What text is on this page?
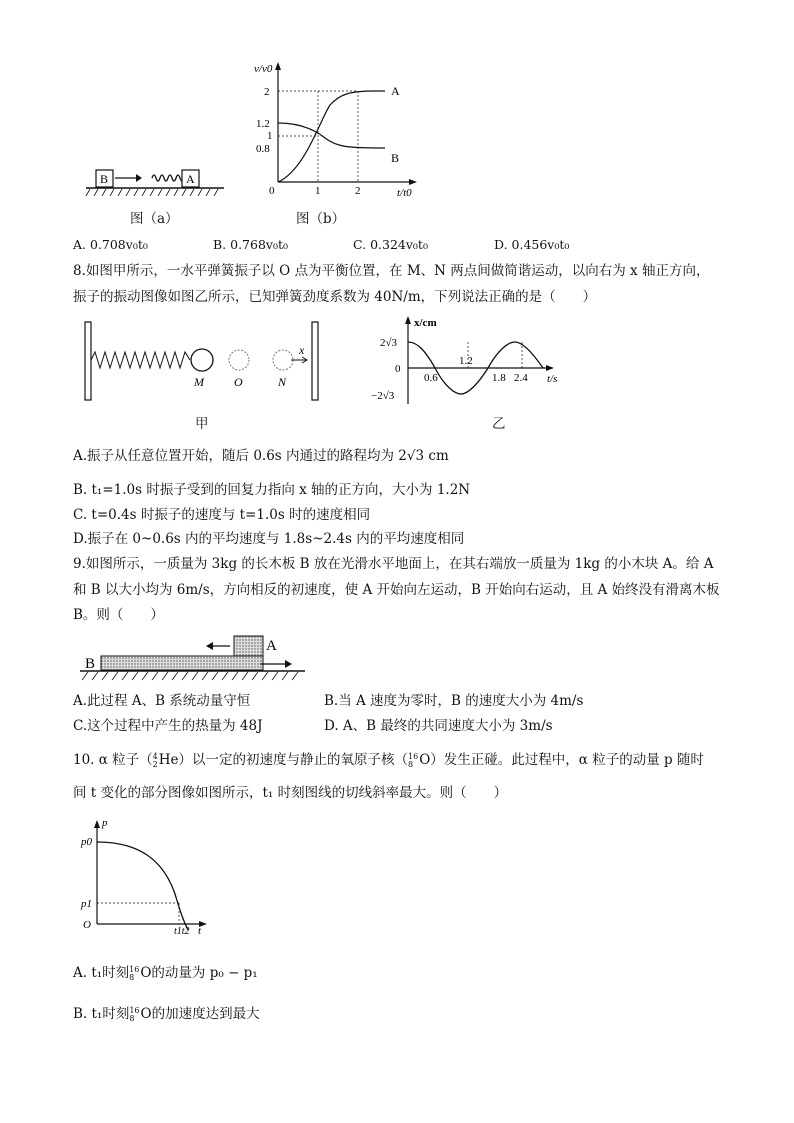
B	A
图（a）
v/v0
t/t0
2
1.2
1
0.8
0	1	2
A
B
图（b）
A. 0.708v₀t₀	B. 0.768v₀t₀	C. 0.324v₀t₀	D. 0.456v₀t₀
8.如图甲所示，一水平弹簧振子以 O 点为平衡位置，在 M、N 两点间做简谐运动，以向右为 x 轴正方向，
振子的振动图像如图乙所示，已知弹簧劲度系数为 40N/m，下列说法正确的是（　　）
M	O	N
x
甲
x/cm
t/s
2√3
−2√3
0
0.6
1.2
1.8 2.4
乙
A.振子从任意位置开始，随后 0.6s 内通过的路程均为 2√3 cm
B. t₁=1.0s 时振子受到的回复力指向 x 轴的正方向，大小为 1.2N
C. t=0.4s 时振子的速度与 t=1.0s 时的速度相同
D.振子在 0~0.6s 内的平均速度与 1.8s~2.4s 内的平均速度相同
9.如图所示，一质量为 3kg 的长木板 B 放在光滑水平地面上，在其右端放一质量为 1kg 的小木块 A。给 A
和 B 以大小均为 6m/s，方向相反的初速度，使 A 开始向左运动，B 开始向右运动，且 A 始终没有滑离木板
B。则（　　）
A
B
A.此过程 A、B 系统动量守恒	B.当 A 速度为零时，B 的速度大小为 4m/s
C.这个过程中产生的热量为 48J	D. A、B 最终的共同速度大小为 3m/s
10. α 粒子（ 4
2 He）以一定的初速度与静止的氧原子核（ 16
8 O）发生正碰。此过程中，α 粒子的动量 p 随时
间 t 变化的部分图像如图所示，t₁ 时刻图线的切线斜率最大。则（　　）
p
p0
p1
O
t1t2 t
A. t₁时刻 16
8 O的动量为 p₀ − p₁
B. t₁时刻 16
8 O的加速度达到最大
